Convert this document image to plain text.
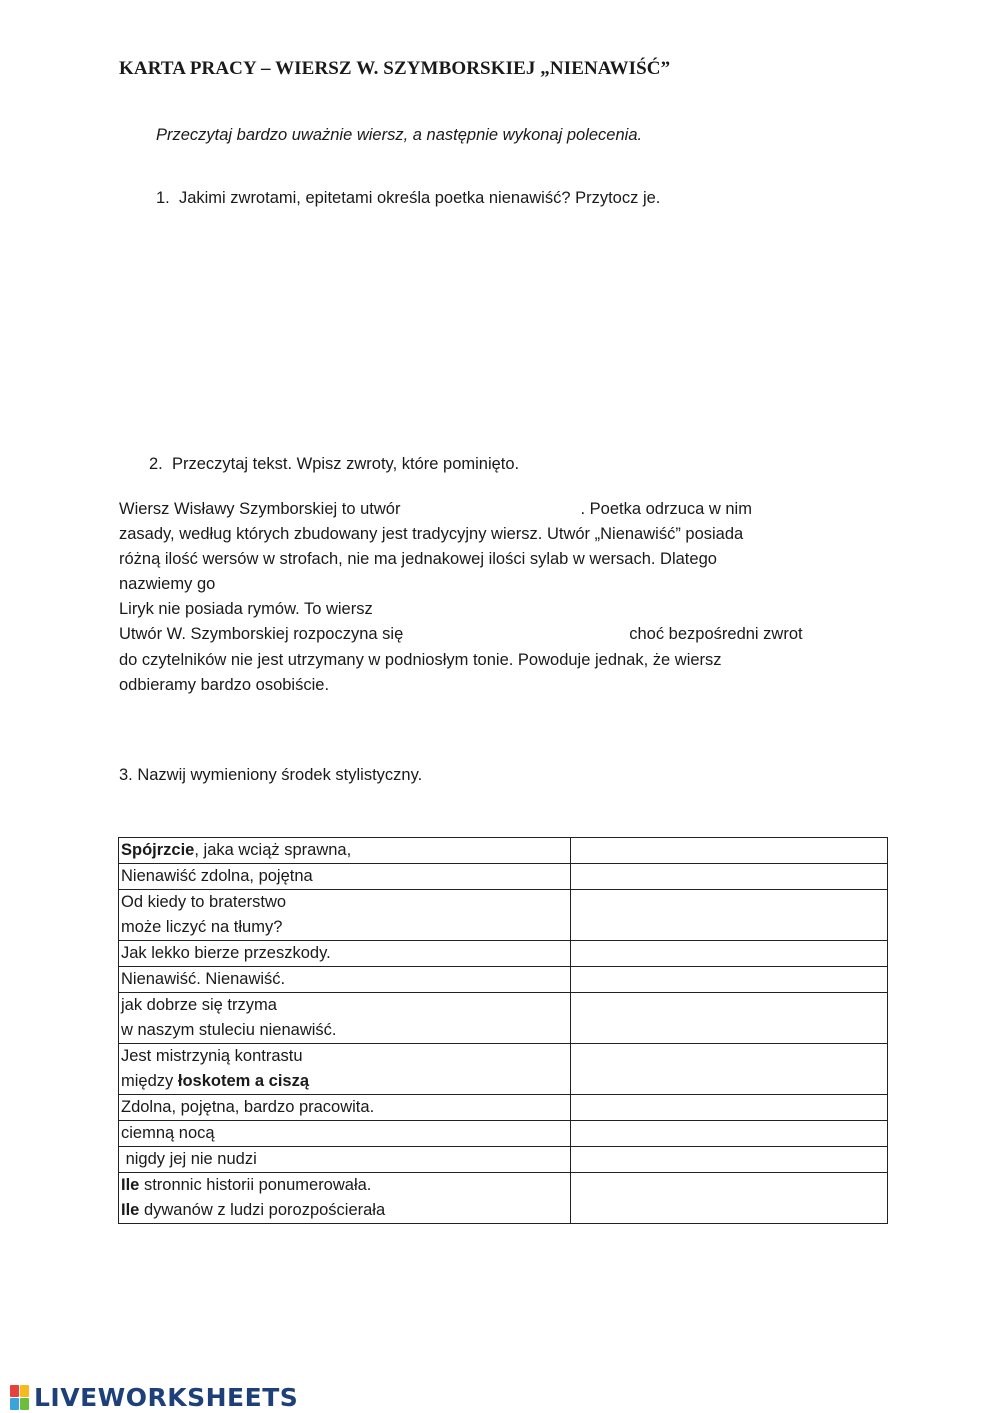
KARTA PRACY – WIERSZ W. SZYMBORSKIEJ „NIENAWIŚĆ”
Przeczytaj bardzo uważnie wiersz, a następnie wykonaj polecenia.
1. Jakimi zwrotami, epitetami określa poetka nienawiść? Przytocz je.
2. Przeczytaj tekst. Wpisz zwroty, które pominięto.
Wiersz Wisławy Szymborskiej to utwór	. Poetka odrzuca w nim
zasady, według których zbudowany jest tradycyjny wiersz. Utwór „Nienawiść” posiada
różną ilość wersów w strofach, nie ma jednakowej ilości sylab w wersach. Dlatego
nazwiemy go
Liryk nie posiada rymów. To wiersz
Utwór W. Szymborskiej rozpoczyna się	choć bezpośredni zwrot
do czytelników nie jest utrzymany w podniosłym tonie. Powoduje jednak, że wiersz
odbieramy bardzo osobiście.
3. Nazwij wymieniony środek stylistyczny.
Spójrzcie, jaka wciąż sprawna,	
Nienawiść zdolna, pojętna	

Od kiedy to braterstwo
może liczyć na tłumy?

Jak lekko bierze przeszkody.	
Nienawiść. Nienawiść.	

jak dobrze się trzyma
w naszym stuleciu nienawiść.

Jest mistrzynią kontrastu
między łoskotem a ciszą

Zdolna, pojętna, bardzo pracowita.	
ciemną nocą	
nigdy jej nie nudzi	

Ile stronnic historii ponumerowała.
Ile dywanów z ludzi porozpościerała

LIVEWORKSHEETS
